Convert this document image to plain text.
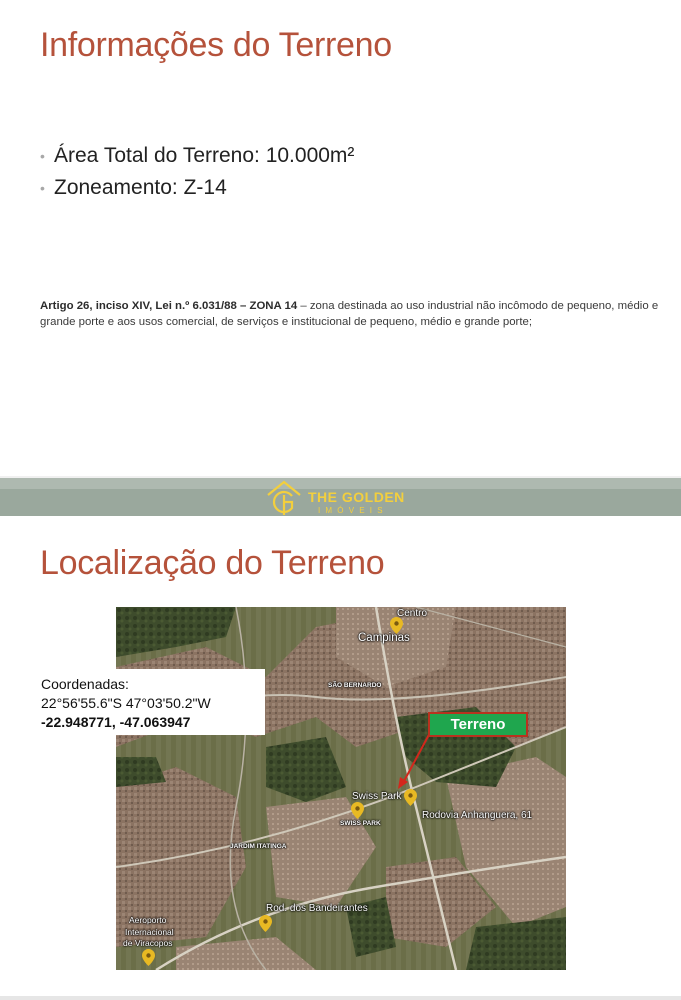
Informações do Terreno
• Área Total do Terreno: 10.000m²
• Zoneamento: Z-14

Artigo 26, inciso XIV, Lei n.º 6.031/88 – ZONA 14 – zona destinada ao uso industrial não incômodo de pequeno, médio e grande porte e aos usos comercial, de serviços e institucional de pequeno, médio e grande porte;

THE GOLDEN
IMÓVEIS
Localização do Terreno
Centro
Campinas
SÃO BERNARDO
Swiss Park
SWISS PARK
Rodovia Anhanguera, 61
JARDIM ITATINGA
Rod. dos Bandeirantes
Aeroporto
Internacional
de Viracopos
Terreno
Coordenadas:
22°56'55.6"S 47°03'50.2"W
-22.948771, -47.063947
